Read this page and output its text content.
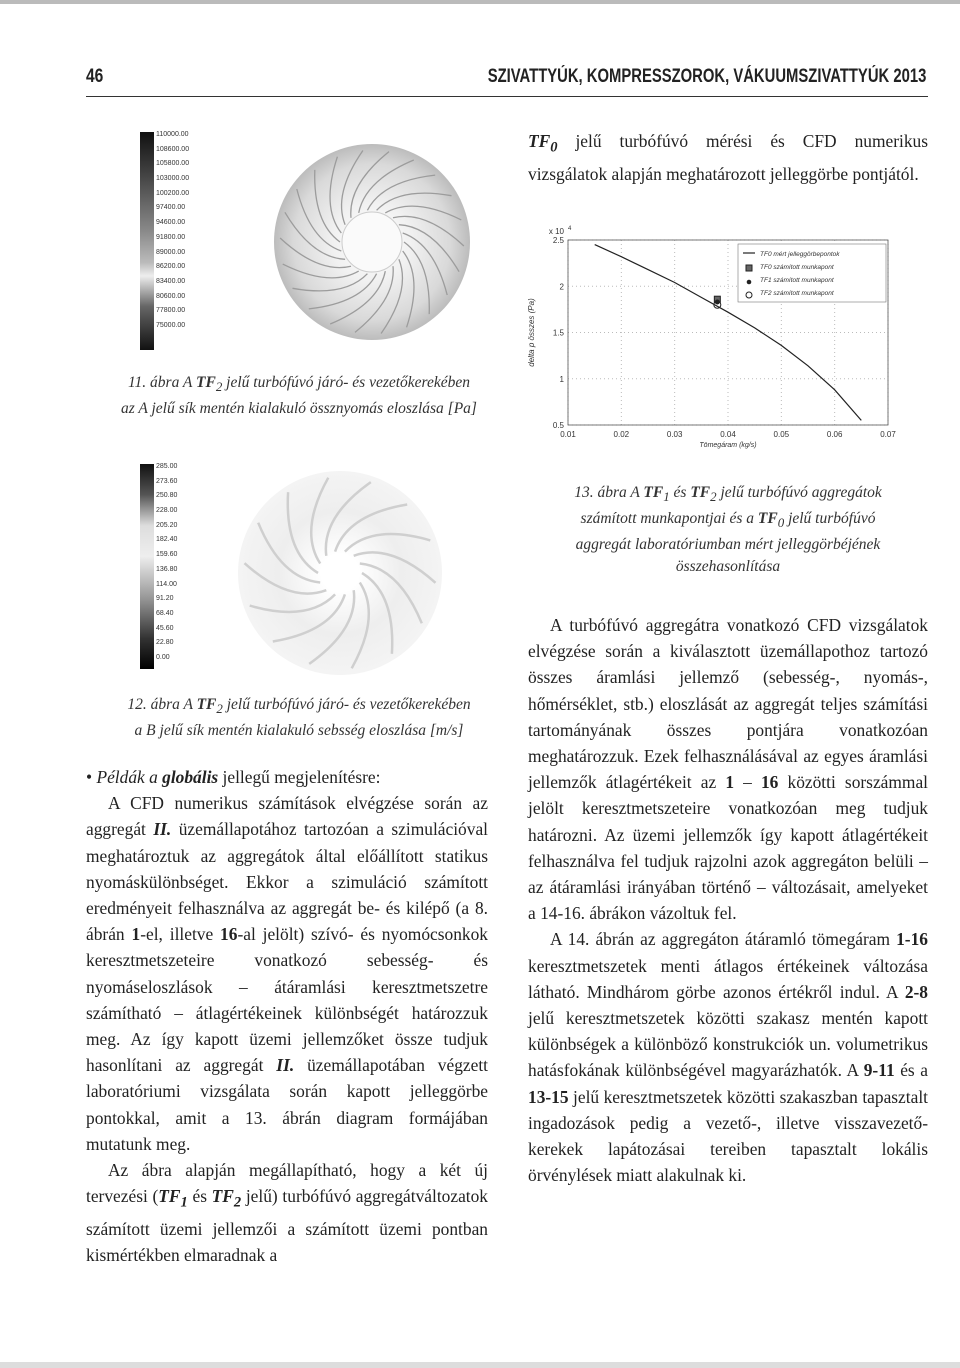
46	SZIVATTYÚK, KOMPRESSZOROK, VÁKUUMSZIVATTYÚK 2013
110000.00
108600.00
105800.00
103000.00
100200.00
97400.00
94600.00
91800.00
89000.00
86200.00
83400.00
80600.00
77800.00
75000.00
11. ábra A $TF_2$ jelű turbófúvó járó- és vezetőkerekében
az A jelű sík mentén kialakuló össznyomás eloszlása [Pa]
285.00
273.60
250.80
228.00
205.20
182.40
159.60
136.80
114.00
91.20
68.40
45.60
22.80
0.00
12. ábra A $TF_2$ jelű turbófúvó járó- és vezetőkerekében
a B jelű sík mentén kialakuló sebsség eloszlása [m/s]

• Példák a globális jellegű megjelenítésre:

A CFD numerikus számítások elvégzése során az aggregát II. üzemállapotához tartozóan a szimulációval meghatároztuk az aggregátok által előállított statikus nyomáskülönbséget. Ekkor a szimuláció számított eredményeit felhasználva az aggregát be- és kilépő (a 8. ábrán 1-el, illetve 16-al jelölt) szívó- és nyomócsonkok keresztmetszeteire vonatkozó sebesség- és nyomáseloszlások – átáramlási keresztmetszetre számítható – átlagértékeinek különbségét határozzuk meg. Az így kapott üzemi jellemzőket össze tudjuk hasonlítani az aggregát II. üzemállapotában végzett laboratóriumi vizsgálata során kapott jelleggörbe pontokkal, amit a 13. ábrán diagram formájában mutatunk meg.

Az ábra alapján megállapítható, hogy a két új tervezési ($TF_1$ és $TF_2$ jelű) turbófúvó aggregátváltozatok számított üzemi jellemzői a számított üzemi pontban kismértékben elmaradnak a

$TF_0$ jelű turbófúvó mérési és CFD numerikus vizsgálatok alapján meghatározott jelleggörbe pontjától.

0.01	0.02	0.03	0.04	0.05	0.06	0.07
0.5
1
1.5
2
2.5
x 10 4
Tömegáram (kg/s)
delta p összes (Pa)
TF0 mért jelleggörbepontok
TF0 számított munkapont
TF1 számított munkapont
TF2 számított munkapont
13. ábra A $TF_1$ és $TF_2$ jelű turbófúvó aggregátok
számított munkapontjai és a $TF_0$ jelű turbófúvó
aggregát laboratóriumban mért jelleggörbéjének
összehasonlítása

A turbófúvó aggregátra vonatkozó CFD vizsgálatok elvégzése során a kiválasztott üzemállapothoz tartozó összes áramlási jellemző (sebesség-, nyomás-, hőmérséklet, stb.) eloszlását az aggregát teljes számítási tartományának összes pontjára vonatkozóan meghatározzuk. Ezek felhasználásával az egyes áramlási jellemzők átlagértékeit az 1 – 16 közötti sorszámmal jelölt keresztmetszeteire vonatkozóan meg tudjuk határozni. Az üzemi jellemzők így kapott átlagértékeit felhasználva fel tudjuk rajzolni azok aggregáton belüli – az átáramlási irányában történő – változásait, amelyeket a 14-16. ábrákon vázoltuk fel.

A 14. ábrán az aggregáton átáramló tömegáram 1-16 keresztmetszetek menti átlagos értékeinek változása látható. Mindhárom görbe azonos értékről indul. A 2-8 jelű keresztmetszetek közötti szakasz mentén kapott különbségek a különböző konstrukciók un. volumetrikus hatásfokának különbségével magyarázhatók. A 9-11 és a 13-15 jelű keresztmetszetek közötti szakaszban tapasztalt ingadozások pedig a vezető-, illetve visszavezető- kerekek lapátozásai tereiben tapasztalt lokális örvénylések miatt alakulnak ki.
